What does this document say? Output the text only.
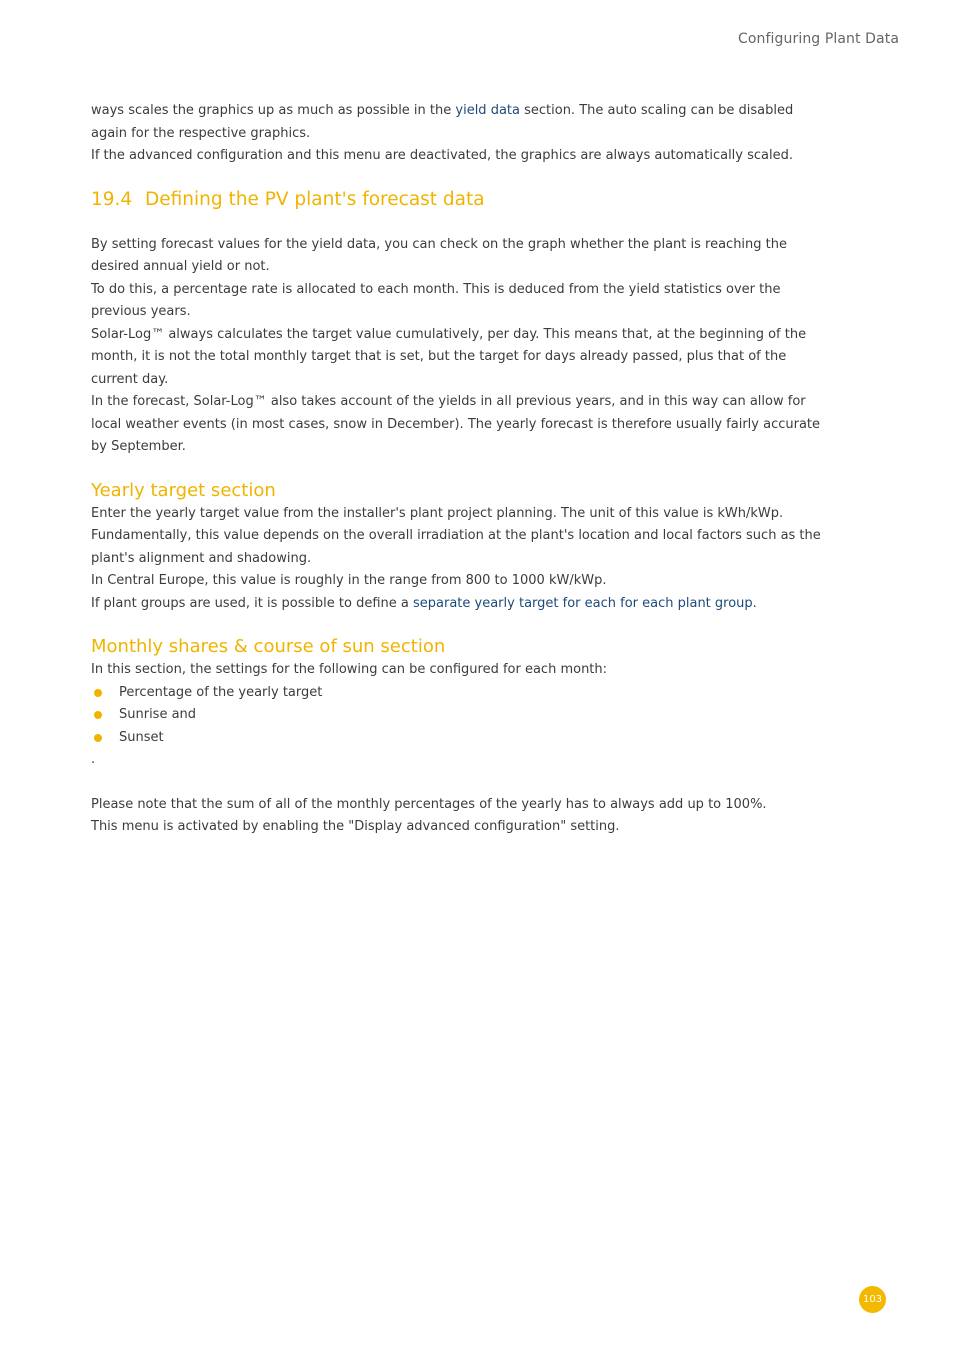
Configuring Plant Data

ways scales the graphics up as much as possible in the yield data section. The auto scaling can be disabled again for the respective graphics.

If the advanced configuration and this menu are deactivated, the graphics are always automatically scaled.

19.4 Defining the PV plant's forecast data

By setting forecast values for the yield data, you can check on the graph whether the plant is reaching the desired annual yield or not.

To do this, a percentage rate is allocated to each month. This is deduced from the yield statistics over the previous years.

Solar-Log™ always calculates the target value cumulatively, per day. This means that, at the beginning of the month, it is not the total monthly target that is set, but the target for days already passed, plus that of the current day.

In the forecast, Solar-Log™ also takes account of the yields in all previous years, and in this way can allow for local weather events (in most cases, snow in December). The yearly forecast is therefore usually fairly accurate by September.

Yearly target section

Enter the yearly target value from the installer's plant project planning. The unit of this value is kWh/kWp.

Fundamentally, this value depends on the overall irradiation at the plant's location and local factors such as the plant's alignment and shadowing.

In Central Europe, this value is roughly in the range from 800 to 1000 kW/kWp.

If plant groups are used, it is possible to define a separate yearly target for each for each plant group.

Monthly shares & course of sun section

In this section, the settings for the following can be configured for each month:

Percentage of the yearly target
Sunrise and
Sunset

.

Please note that the sum of all of the monthly percentages of the yearly has to always add up to 100%.

This menu is activated by enabling the "Display advanced configuration" setting.

103
